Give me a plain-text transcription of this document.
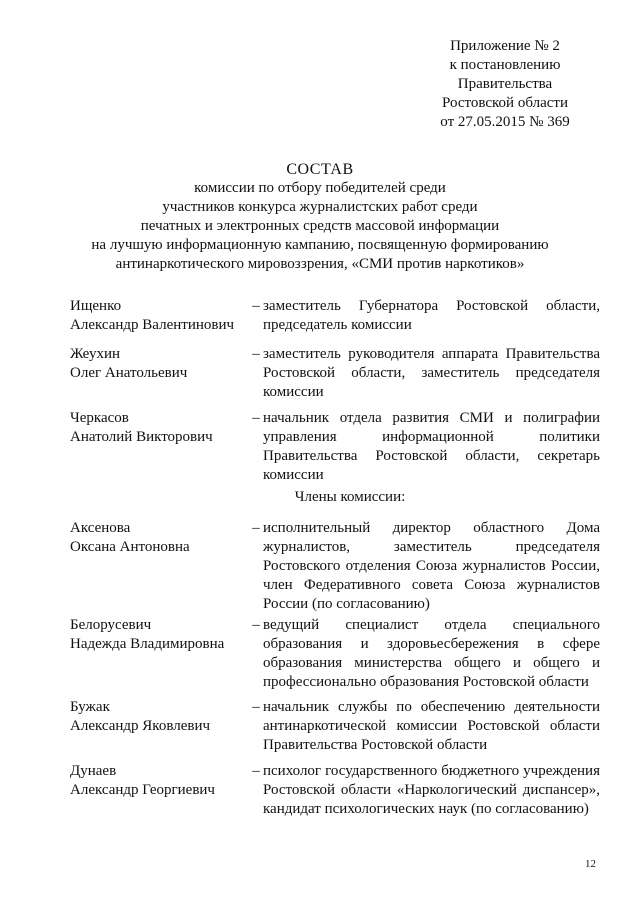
Приложение № 2
к постановлению
Правительства
Ростовской области
от 27.05.2015 № 369
СОСТАВ
комиссии по отбору победителей среди
участников конкурса журналистских работ среди
печатных и электронных средств массовой информации
на лучшую информационную кампанию, посвященную формированию
антинаркотического мировоззрения, «СМИ против наркотиков»
Ищенко
Александр Валентинович
– заместитель Губернатора Ростовской области, председатель комиссии
Жеухин
Олег Анатольевич
– заместитель руководителя аппарата Правительства Ростовской области, заместитель председателя комиссии
Черкасов
Анатолий Викторович
– начальник отдела развития СМИ и полиграфии управления информационной политики Правительства Ростовской области, секретарь комиссии
Члены комиссии:
Аксенова
Оксана Антоновна
– исполнительный директор областного Дома журналистов, заместитель председателя Ростовского отделения Союза журналистов России, член Федеративного совета Союза журналистов России (по согласованию)
Белорусевич
Надежда Владимировна
– ведущий специалист отдела специального образования и здоровьесбережения в сфере образования министерства общего и общего и профессионально образования Ростовской области
Бужак
Александр Яковлевич
– начальник службы по обеспечению деятельности антинаркотической комиссии Ростовской области Правительства Ростовской области
Дунаев
Александр Георгиевич
– психолог государственного бюджетного учреждения Ростовской области «Наркологический диспансер», кандидат психологических наук (по согласованию)
12
